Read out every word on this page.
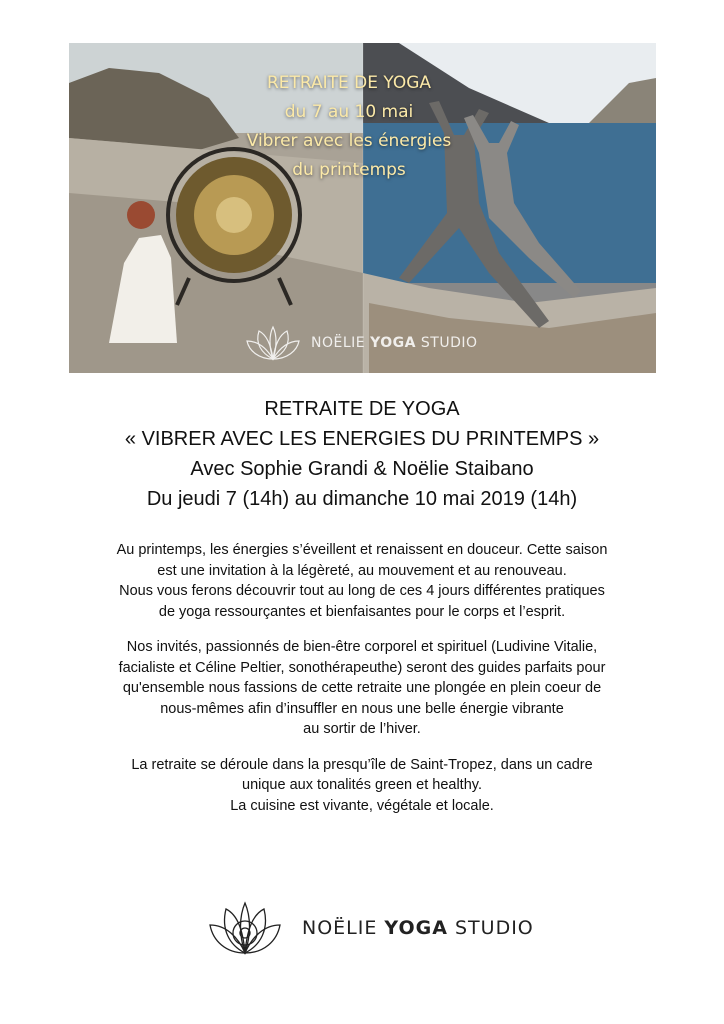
RETRAITE DE YOGA
du 7 au 10 mai
Vibrer avec les énergies
du printemps
NOËLIE YOGA STUDIO
RETRAITE DE YOGA
« VIBRER AVEC LES ENERGIES DU PRINTEMPS »
Avec Sophie Grandi & Noëlie Staibano
Du jeudi 7 (14h) au dimanche 10 mai 2019 (14h)
Au printemps, les énergies s’éveillent et renaissent en douceur. Cette saison
est une invitation à la légèreté, au mouvement et au renouveau.
Nous vous ferons découvrir tout au long de ces 4 jours différentes pratiques
de yoga ressourçantes et bienfaisantes pour le corps et l’esprit.
Nos invités, passionnés de bien-être corporel et spirituel (Ludivine Vitalie,
facialiste et Céline Peltier, sonothérapeuthe) seront des guides parfaits pour
qu'ensemble nous fassions de cette retraite une plongée en plein coeur de
nous-mêmes afin d’insuffler en nous une belle énergie vibrante
au sortir de l’hiver.
La retraite se déroule dans la presqu’île de Saint-Tropez, dans un cadre
unique aux tonalités green et healthy.
La cuisine est vivante, végétale et locale.
NOËLIE YOGA STUDIO
